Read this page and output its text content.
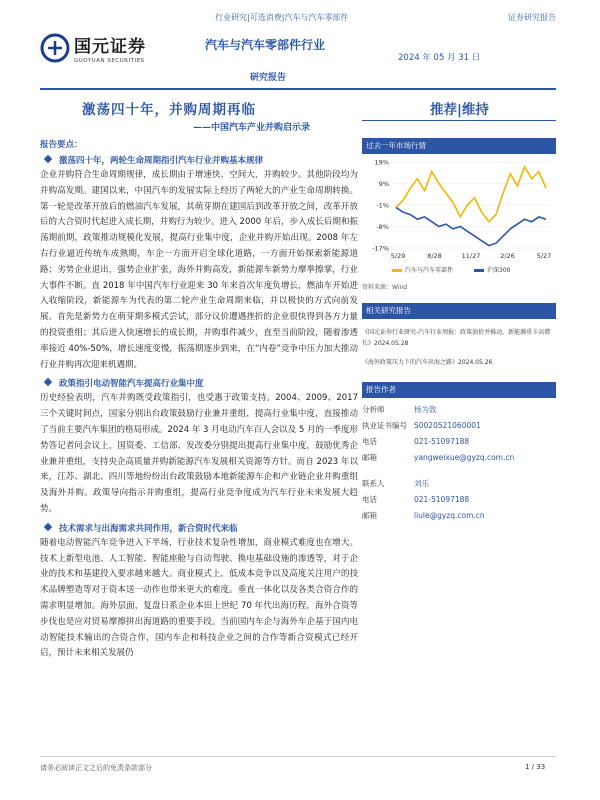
行业研究|可选消费|汽车与汽车零部件	证券研究报告
国元证券
GUOYUAN SECURITIES
汽车与汽车零部件行业
2024 年 05 月 31 日
研究报告
激荡四十年，并购周期再临
——中国汽车产业并购启示录
推荐|维持
报告要点：
激荡四十年，两轮生命周期指引汽车行业并购基本规律

企业并购符合生命周期规律，成长期由于增速快、空间大，并购较少。其他阶段均为并购高发期。建国以来，中国汽车的发展实际上经历了两轮大的产业生命周期转换。第一轮是改革开放后的燃油汽车发展，其萌芽期在建国后到改革开放之间，改革开放后的大合资时代起进入成长期，并购行为较少。进入 2000 年后，步入成长后期和振荡期前期，政策推动规模化发展，提高行业集中度，企业并购开始出现。2008 年左右行业逼近传统车成熟期，车企一方面开启全球化道路，一方面开始探索新能源道路；劣势企业退出，强势企业扩张，海外并购高发，新能源车新势力摩拳擦掌，行业大事件不断。直 2018 年中国汽车行业迎来 30 年来首次年度负增长，燃油车开始进入收缩阶段，新能源车为代表的第二轮产业生命周期来临，并以极快的方式向前发展。首先是新势力在萌芽期多模式尝试，部分议价遭遇挫折的企业很快得到各方力量的投资重组；其后进入快速增长的成长期，并购事件减少，直至当前阶段，随着渗透率接近 40%-50%，增长速度变慢，振荡期逐步到来，在“内卷”竞争中压力加大推动行业并购再次迎来机遇期。

政策指引电动智能汽车提高行业集中度

历史经验表明，汽车并购既受政策指引，也受惠于政策支持。2004、2009、2017 三个关键时间点，国家分别出台政策鼓励行业兼并重组，提高行业集中度，直接推动了当前主要汽车集团的格局形成。2024 年 3 月电动汽车百人会以及 5 月的一季度形势答记者问会议上，国资委、工信部、发改委分别提出提高行业集中度，鼓励优秀企业兼并重组，支持央企高质量并购新能源汽车发展相关资源等方针。而自 2023 年以来，江苏、湖北、四川等地纷纷出台政策鼓励本地新能源车企和产业链企业并购重组及海外并购。政策导向指示并购重组，提高行业竞争度成为汽车行业未来发展大趋势。

技术需求与出海需求共同作用，新合资时代来临

随着电动智能汽车竞争进入下半场，行业技术复杂性增加，商业模式难度也在增大。技术上新型电池、人工智能、智能座舱与自动驾驶、换电基础设施的渗透等，对于企业的技术和基建投入要求越来越大。商业模式上，低成本竞争以及高度关注用户的技术品牌塑造等对于资本送一动作也带来更大的难度。垂直一体化以及各类合资合作的需求明显增加。海外层面，复盘日系企业本田上世纪 70 年代出海历程，海外合资等步伐也是应对贸易摩擦拼出海道路的重要手段。当前国内车企与海外车企基于国内电动智能技术输出的合资合作，国内车企和科技企业之间的合作等新合资模式已经开启，预计未来相关发展仍

过去一年市场行情
19%
9%
-1%
-8%
-17%
5/29	8/28	11/27	2/26	5/27
汽车与汽车零部件	沪深300
资料来源：Wind
相关研究报告
《国元证券行业研究-汽车行业周报：政策油价并推动，新能源重卡高增长》2024.05.28
《海外政策压力下的汽车出海之路》2024.05.26
报告作者
分析师	杨为敦
执业证书编号 S0020521060001
电话	021-51097188
邮箱	yangweixue@gyzq.com.cn
联系人	刘乐
电话	021-51097188
邮箱	liule@gyzq.com.cn
请务必阅读正文之后的免责条款部分	1 / 33
